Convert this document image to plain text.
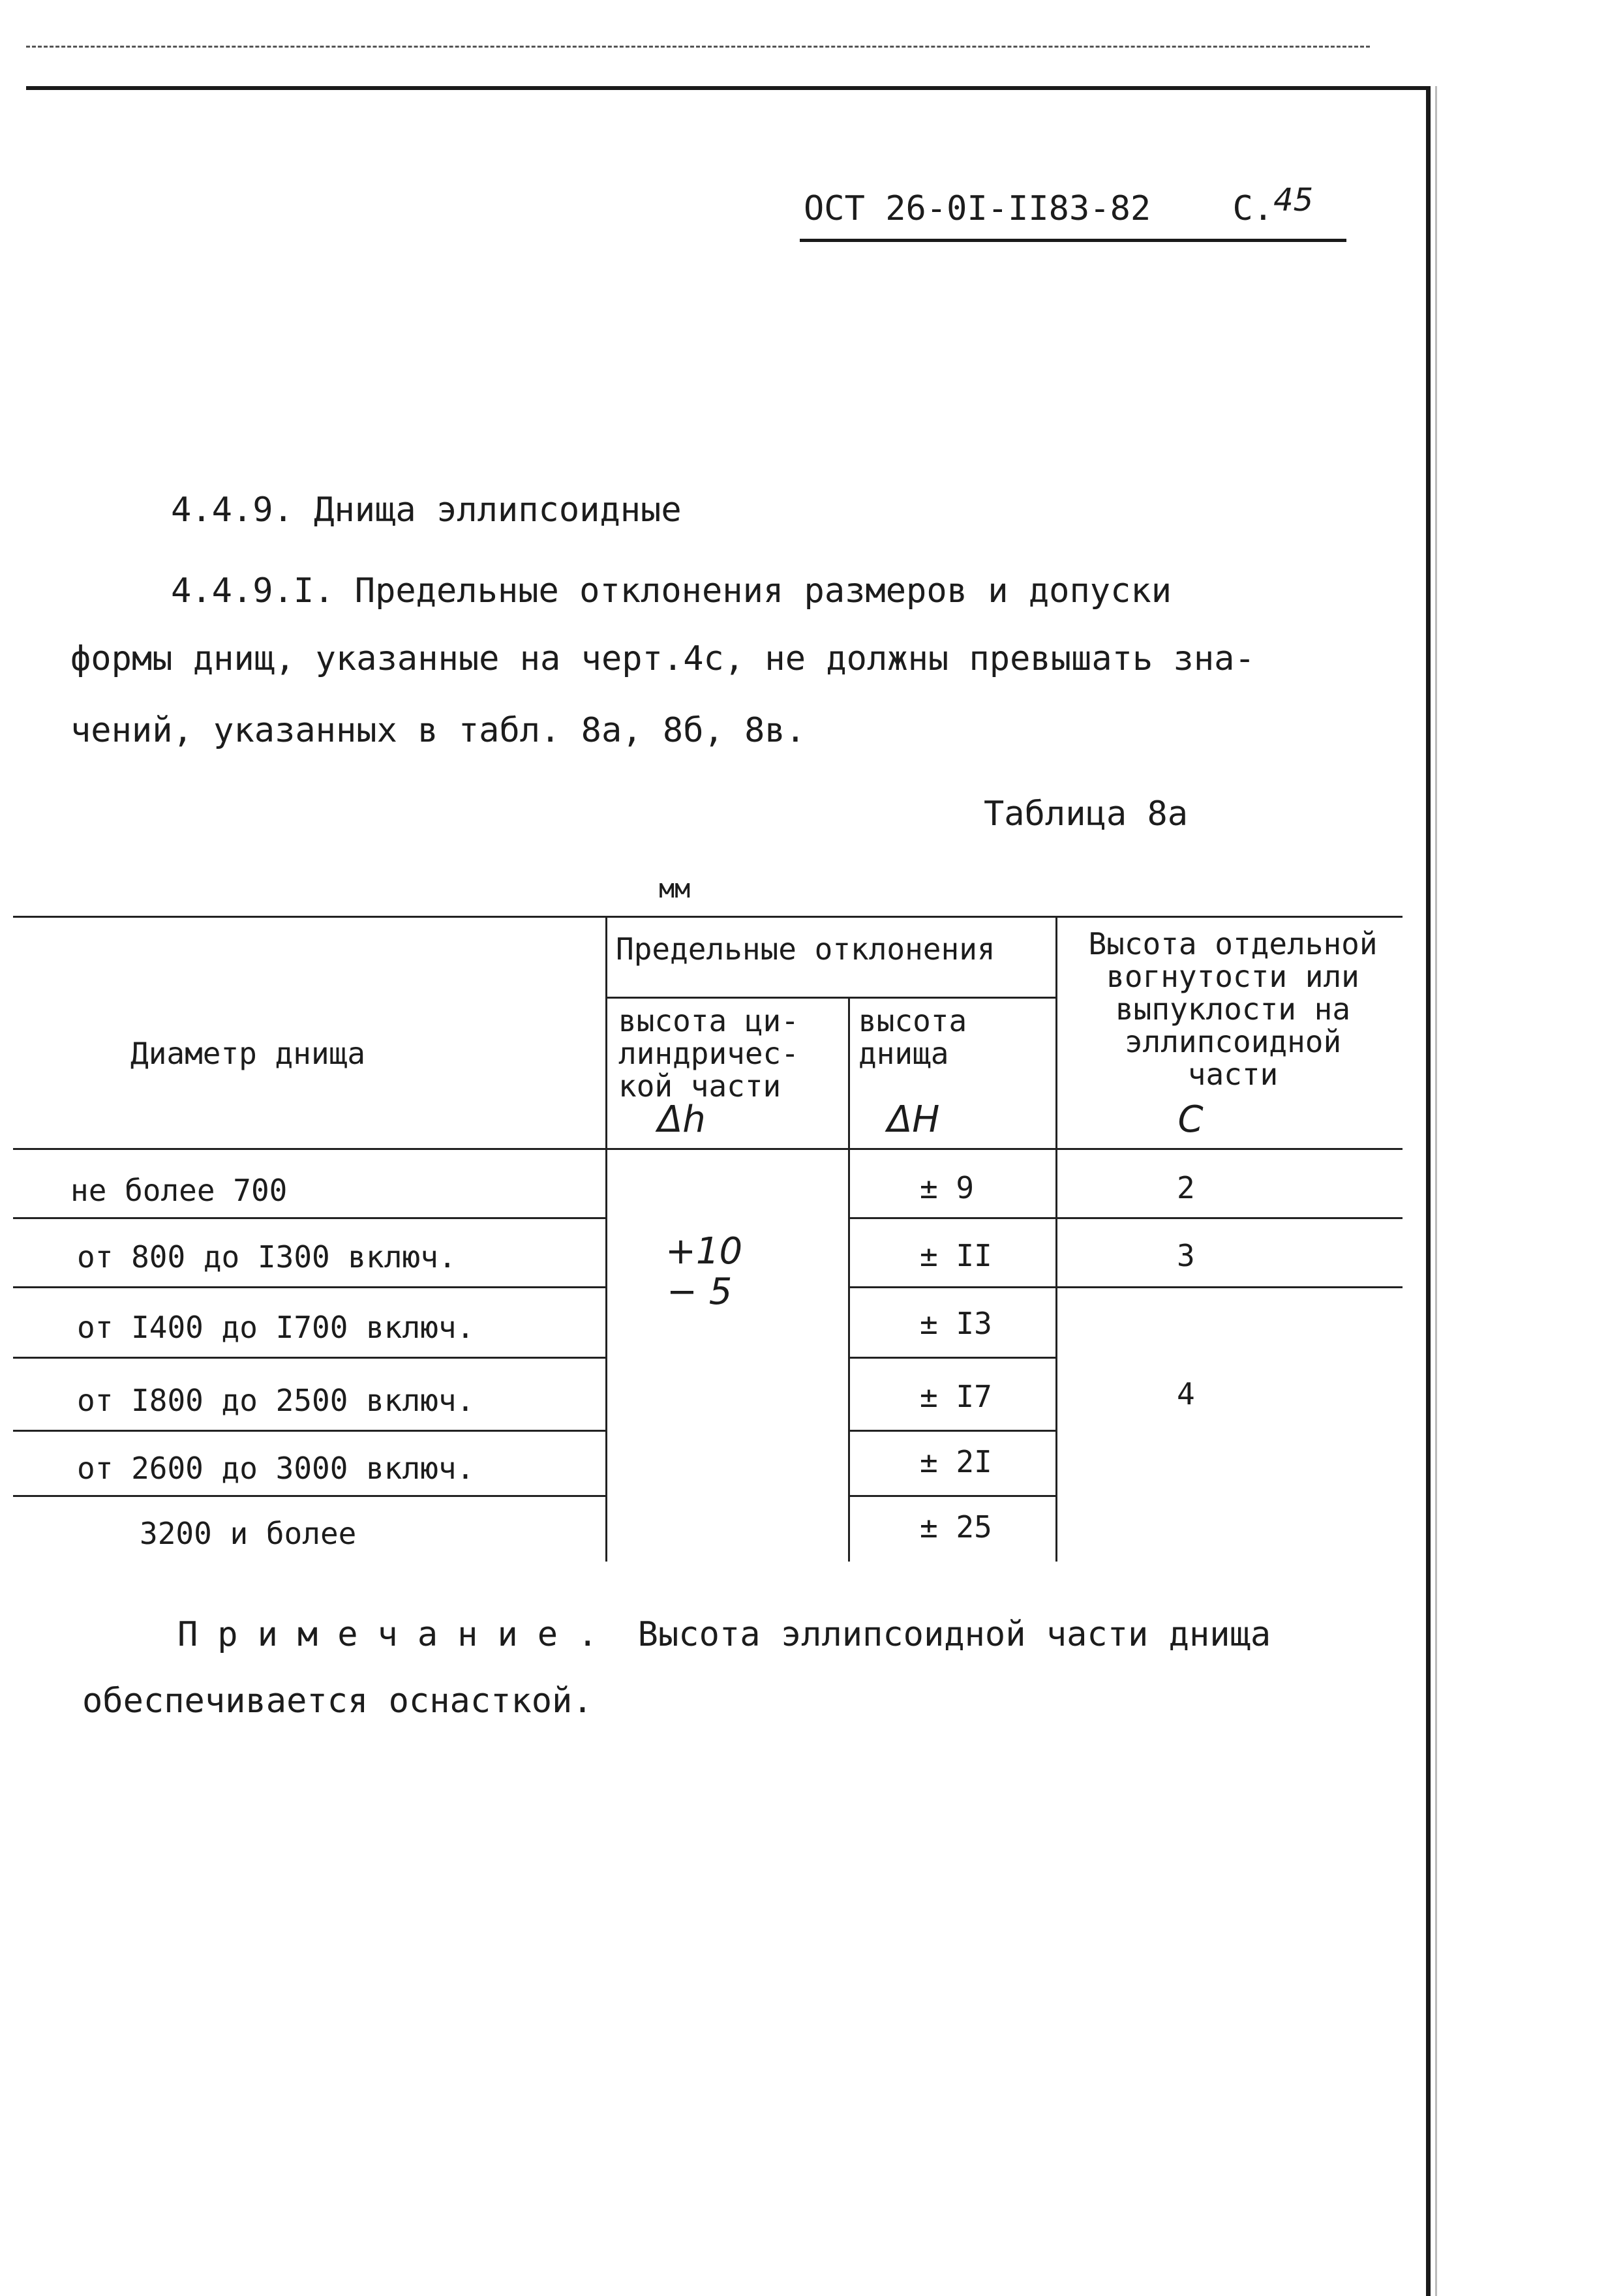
ОСТ 26-0I-II83-82 С.45
4.4.9. Днища эллипсоидные
4.4.9.I. Предельные отклонения размеров и допуски
формы днищ, указанные на черт.4с, не должны превышать зна-
чений, указанных в табл. 8а, 8б, 8в.
Таблица 8а
мм
Диаметр днища
Предельные отклонения
высота ци-
линдричес-
кой части
Δh
высота
днища
ΔH
Высота отдельной
вогнутости или
выпуклости на
эллипсоидной
части
C
не более 700
от 800 до I300 включ.
от I400 до I700 включ.
от I800 до 2500 включ.
от 2600 до 3000 включ.
3200 и более
+10
− 5
± 9
± II
± I3
± I7
± 2I
± 25
2
3
4
Примечание. Высота эллипсоидной части днища
обеспечивается оснасткой.
